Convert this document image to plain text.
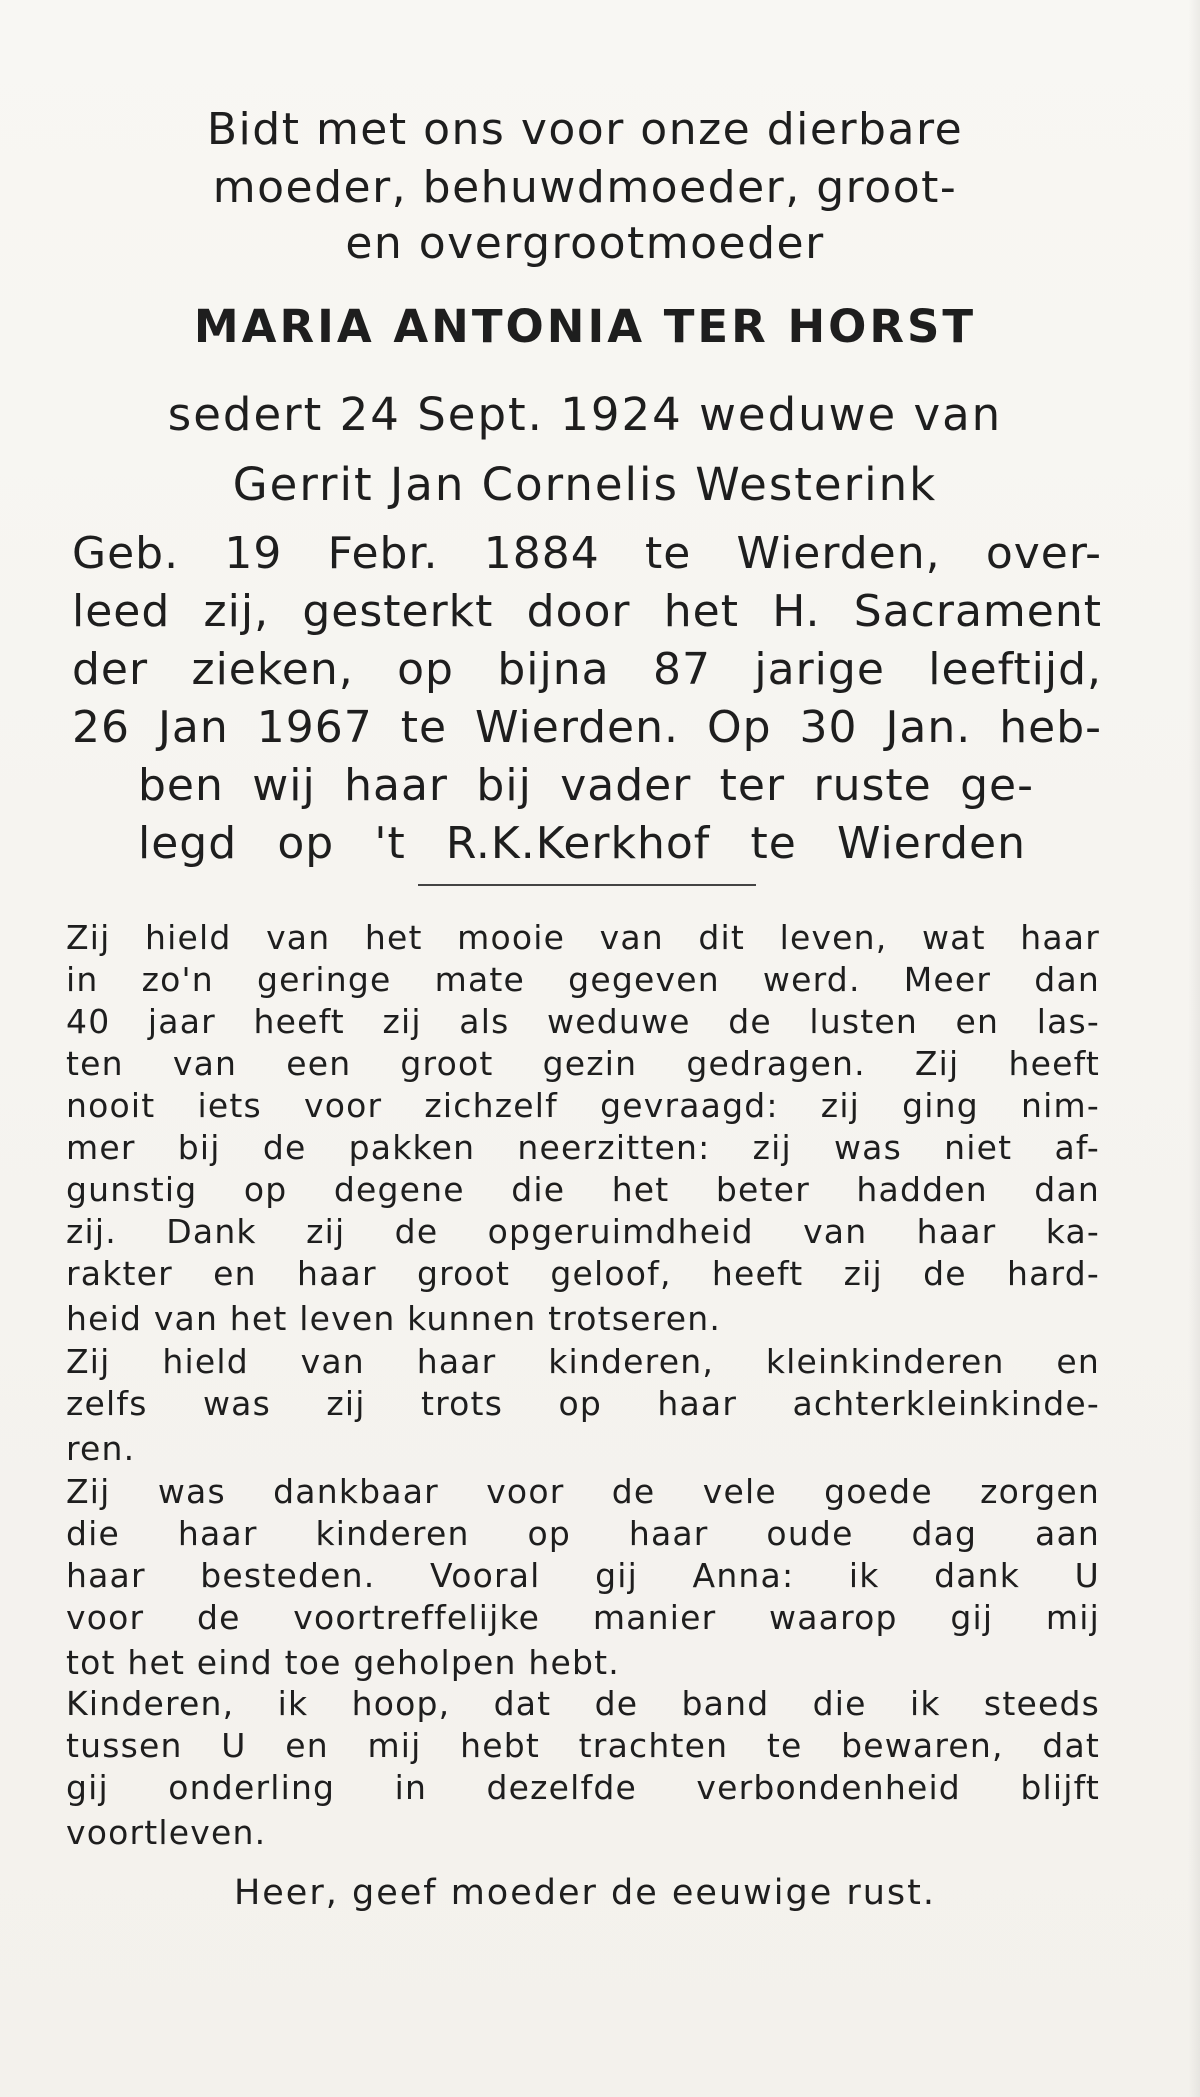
Bidt met ons voor onze dierbare

moeder, behuwdmoeder, groot-

en overgrootmoeder

MARIA ANTONIA TER HORST

sedert 24 Sept. 1924 weduwe van

Gerrit Jan Cornelis Westerink

Geb. 19 Febr. 1884 te Wierden, over-

leed zij, gesterkt door het H. Sacrament

der zieken, op bijna 87 jarige leeftijd,

26 Jan 1967 te Wierden. Op 30 Jan. heb-

ben wij haar bij vader ter ruste ge-

legd op 't R.K.Kerkhof te Wierden

Zij hield van het mooie van dit leven, wat haar

in zo'n geringe mate gegeven werd. Meer dan

40 jaar heeft zij als weduwe de lusten en las-

ten van een groot gezin gedragen. Zij heeft

nooit iets voor zichzelf gevraagd: zij ging nim-

mer bij de pakken neerzitten: zij was niet af-

gunstig op degene die het beter hadden dan

zij. Dank zij de opgeruimdheid van haar ka-

rakter en haar groot geloof, heeft zij de hard-

heid van het leven kunnen trotseren.

Zij hield van haar kinderen, kleinkinderen en

zelfs was zij trots op haar achterkleinkinde-

ren.

Zij was dankbaar voor de vele goede zorgen

die haar kinderen op haar oude dag aan

haar besteden. Vooral gij Anna: ik dank U

voor de voortreffelijke manier waarop gij mij

tot het eind toe geholpen hebt.

Kinderen, ik hoop, dat de band die ik steeds

tussen U en mij hebt trachten te bewaren, dat

gij onderling in dezelfde verbondenheid blijft

voortleven.

Heer, geef moeder de eeuwige rust.
